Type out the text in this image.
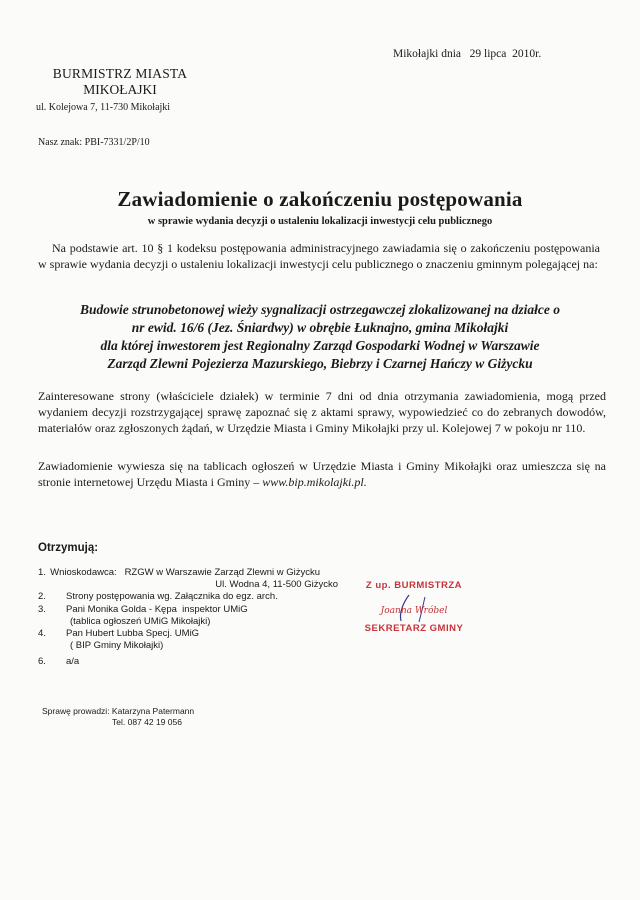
Mikołajki dnia   29 lipca  2010r.
BURMISTRZ MIASTA
MIKOŁAJKI
ul. Kolejowa 7, 11-730 Mikołajki
Nasz znak: PBI-7331/2P/10
Zawiadomienie o zakończeniu postępowania
w sprawie wydania decyzji o ustaleniu lokalizacji inwestycji celu publicznego
Na podstawie art. 10 § 1 kodeksu postępowania administracyjnego zawiadamia się o zakończeniu postępowania w sprawie wydania decyzji o ustaleniu lokalizacji inwestycji celu publicznego o znaczeniu gminnym polegającej na:
Budowie strunobetonowej wieży sygnalizacji ostrzegawczej zlokalizowanej na działce o
nr ewid. 16/6 (Jez. Śniardwy) w obrębie Łuknajno, gmina Mikołajki
dla której inwestorem jest Regionalny Zarząd Gospodarki Wodnej w Warszawie
Zarząd Zlewni Pojezierza Mazurskiego, Biebrzy i Czarnej Hańczy w Giżycku
Zainteresowane strony (właściciele działek) w terminie 7 dni od dnia otrzymania zawiadomienia, mogą przed wydaniem decyzji rozstrzygającej sprawę zapoznać się z aktami sprawy, wypowiedzieć co do zebranych dowodów, materiałów oraz zgłoszonych żądań, w Urzędzie Miasta i Gminy Mikołajki przy ul. Kolejowej 7 w pokoju nr 110.
Zawiadomienie wywiesza się na tablicach ogłoszeń w Urzędzie Miasta i Gminy Mikołajki oraz umieszcza się na stronie internetowej Urzędu Miasta i Gminy – www.bip.mikolajki.pl.
Otrzymują:
1. Wnioskodawca:   RZGW w Warszawie Zarząd Zlewni w Giżycku
Ul. Wodna 4, 11-500 Giżycko
2.	Strony postępowania wg. Załącznika do egz. arch.
3.	Pani Monika Golda - Kępa  inspektor UMiG
(tablica ogłoszeń UMiG Mikołajki)
4.	Pan Hubert Lubba Specj. UMiG
( BIP Gminy Mikołajki)
6.	a/a
Z up. BURMISTRZA
Joanna Wróbel
SEKRETARZ GMINY
Sprawę prowadzi: Katarzyna Patermann
Tel. 087 42 19 056
